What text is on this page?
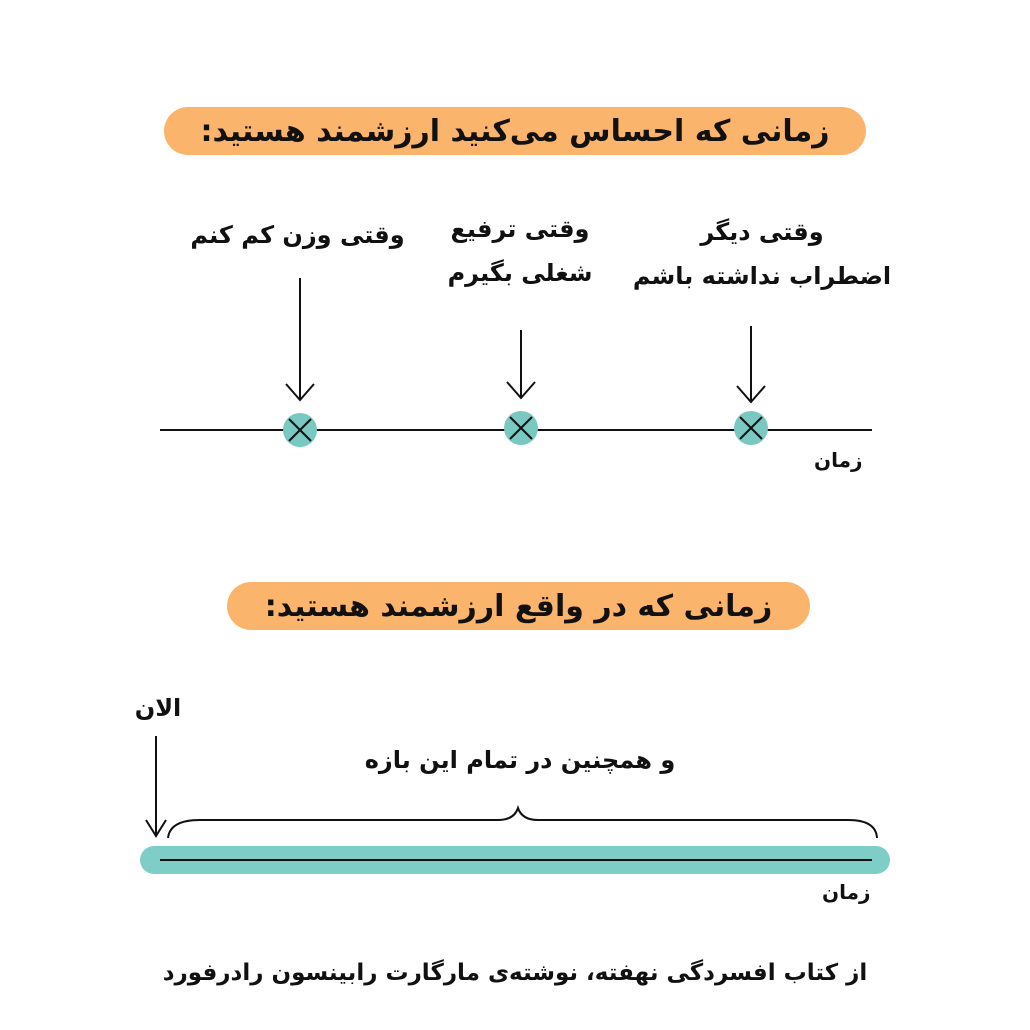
زمانی که احساس می‌کنید ارزشمند هستید:
وقتی وزن کم کنم	وقتی ترفیع
شغلی بگیرم
وقتی دیگر
اضطراب نداشته باشم
زمان
زمانی که در واقع ارزشمند هستید:
الان
و همچنین در تمام این بازه
زمان
از کتاب افسردگی نهفته، نوشته‌ی مارگارت رابینسون رادرفورد
